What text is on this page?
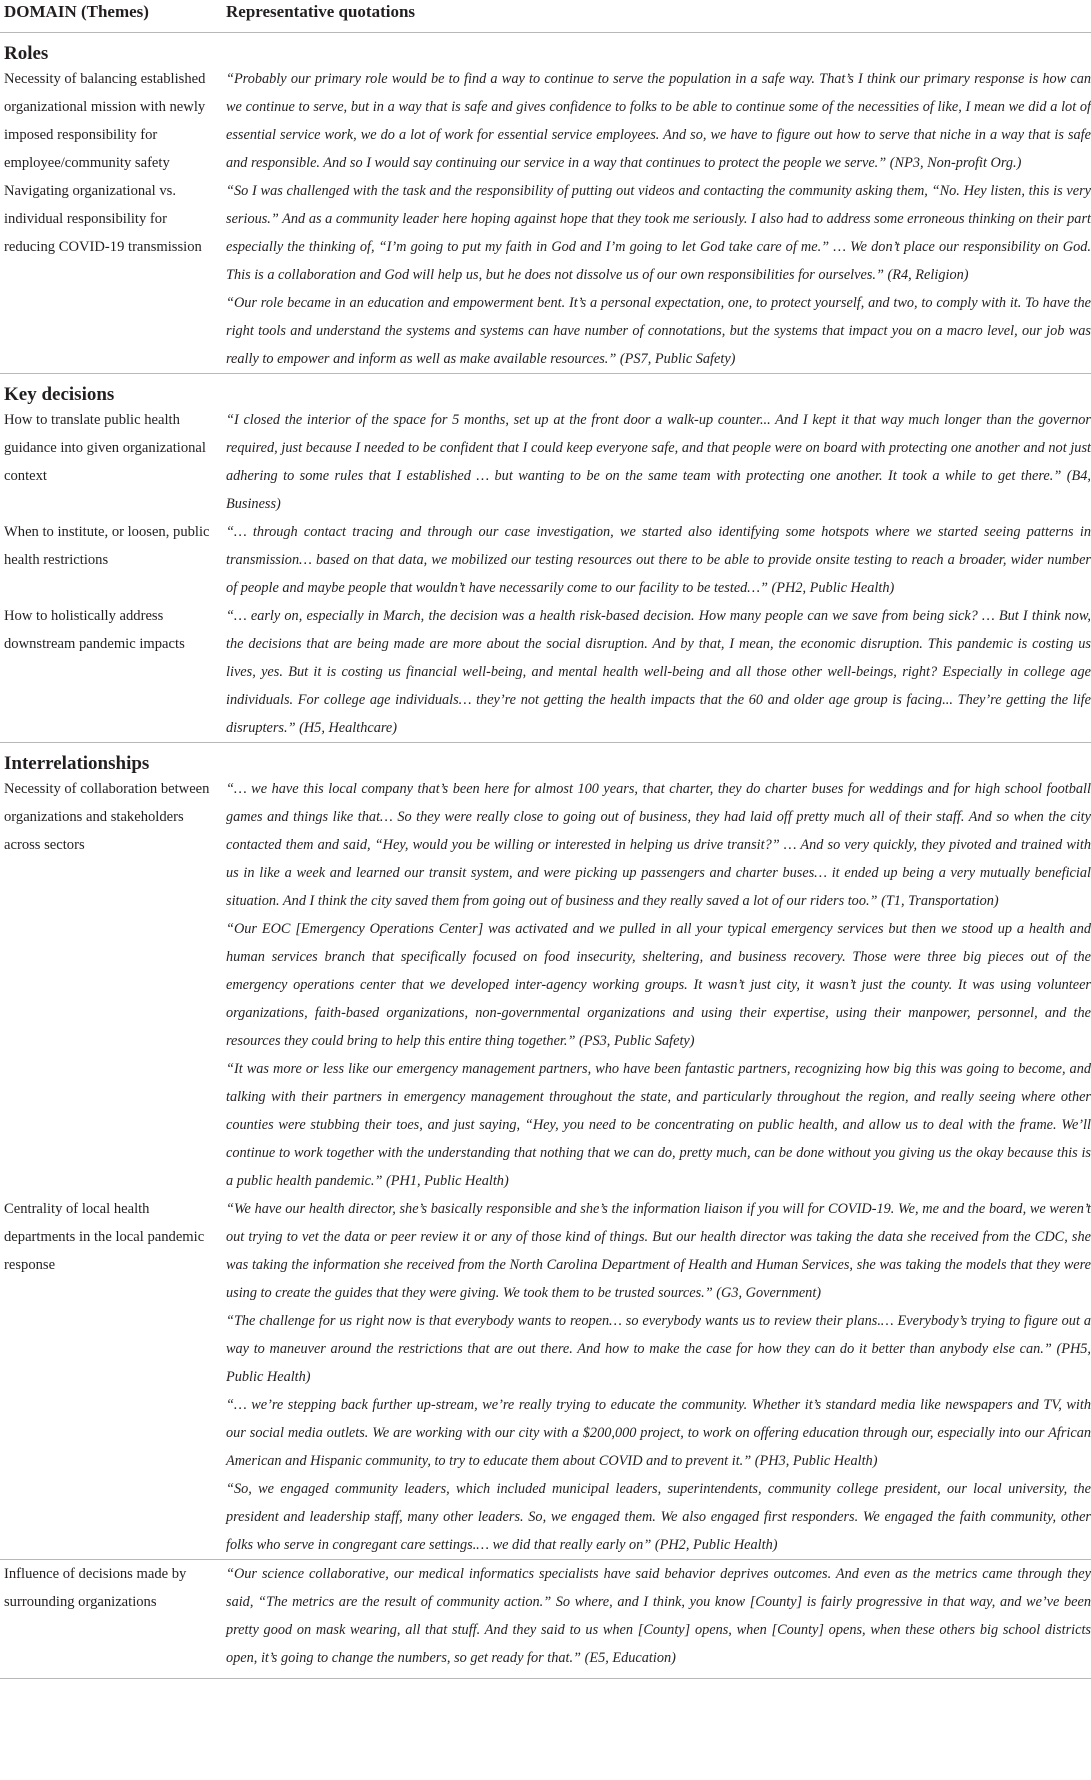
DOMAIN (Themes)	Representative quotations

Roles	

Necessity of balancing established organizational mission with newly imposed responsibility for employee/community safety	“Probably our primary role would be to find a way to continue to serve the population in a safe way. That’s I think our primary response is how can we continue to serve, but in a way that is safe and gives confidence to folks to be able to continue some of the necessities of like, I mean we did a lot of essential service work, we do a lot of work for essential service employees. And so, we have to figure out how to serve that niche in a way that is safe and responsible. And so I would say continuing our service in a way that continues to protect the people we serve.” (NP3, Non-profit Org.)

Navigating organizational vs. individual responsibility for reducing COVID-19 transmission	“So I was challenged with the task and the responsibility of putting out videos and contacting the community asking them, “No. Hey listen, this is very serious.” And as a community leader here hoping against hope that they took me seriously. I also had to address some erroneous thinking on their part especially the thinking of, “I’m going to put my faith in God and I’m going to let God take care of me.” … We don’t place our responsibility on God. This is a collaboration and God will help us, but he does not dissolve us of our own responsibilities for ourselves.” (R4, Religion)
“Our role became in an education and empowerment bent. It’s a personal expectation, one, to protect yourself, and two, to comply with it. To have the right tools and understand the systems and systems can have number of connotations, but the systems that impact you on a macro level, our job was really to empower and inform as well as make available resources.” (PS7, Public Safety)

Key decisions	

How to translate public health guidance into given organizational context	“I closed the interior of the space for 5 months, set up at the front door a walk-up counter... And I kept it that way much longer than the governor required, just because I needed to be confident that I could keep everyone safe, and that people were on board with protecting one another and not just adhering to some rules that I established … but wanting to be on the same team with protecting one another. It took a while to get there.” (B4, Business)

When to institute, or loosen, public health restrictions	“… through contact tracing and through our case investigation, we started also identifying some hotspots where we started seeing patterns in transmission… based on that data, we mobilized our testing resources out there to be able to provide onsite testing to reach a broader, wider number of people and maybe people that wouldn’t have necessarily come to our facility to be tested…” (PH2, Public Health)

How to holistically address downstream pandemic impacts	“… early on, especially in March, the decision was a health risk-based decision. How many people can we save from being sick? … But I think now, the decisions that are being made are more about the social disruption. And by that, I mean, the economic disruption. This pandemic is costing us lives, yes. But it is costing us financial well-being, and mental health well-being and all those other well-beings, right? Especially in college age individuals. For college age individuals… they’re not getting the health impacts that the 60 and older age group is facing... They’re getting the life disrupters.” (H5, Healthcare)

Interrelationships	

Necessity of collaboration between organizations and stakeholders across sectors	“… we have this local company that’s been here for almost 100 years, that charter, they do charter buses for weddings and for high school football games and things like that… So they were really close to going out of business, they had laid off pretty much all of their staff. And so when the city contacted them and said, “Hey, would you be willing or interested in helping us drive transit?” … And so very quickly, they pivoted and trained with us in like a week and learned our transit system, and were picking up passengers and charter buses… it ended up being a very mutually beneficial situation. And I think the city saved them from going out of business and they really saved a lot of our riders too.” (T1, Transportation)
“Our EOC [Emergency Operations Center] was activated and we pulled in all your typical emergency services but then we stood up a health and human services branch that specifically focused on food insecurity, sheltering, and business recovery. Those were three big pieces out of the emergency operations center that we developed inter-agency working groups. It wasn’t just city, it wasn’t just the county. It was using volunteer organizations, faith-based organizations, non-governmental organizations and using their expertise, using their manpower, personnel, and the resources they could bring to help this entire thing together.” (PS3, Public Safety)
“It was more or less like our emergency management partners, who have been fantastic partners, recognizing how big this was going to become, and talking with their partners in emergency management throughout the state, and particularly throughout the region, and really seeing where other counties were stubbing their toes, and just saying, “Hey, you need to be concentrating on public health, and allow us to deal with the frame. We’ll continue to work together with the understanding that nothing that we can do, pretty much, can be done without you giving us the okay because this is a public health pandemic.” (PH1, Public Health)

Centrality of local health departments in the local pandemic response	“We have our health director, she’s basically responsible and she’s the information liaison if you will for COVID-19. We, me and the board, we weren’t out trying to vet the data or peer review it or any of those kind of things. But our health director was taking the data she received from the CDC, she was taking the information she received from the North Carolina Department of Health and Human Services, she was taking the models that they were using to create the guides that they were giving. We took them to be trusted sources.” (G3, Government)
“The challenge for us right now is that everybody wants to reopen… so everybody wants us to review their plans.… Everybody’s trying to figure out a way to maneuver around the restrictions that are out there. And how to make the case for how they can do it better than anybody else can.” (PH5, Public Health)
“… we’re stepping back further up-stream, we’re really trying to educate the community. Whether it’s standard media like newspapers and TV, with our social media outlets. We are working with our city with a $200,000 project, to work on offering education through our, especially into our African American and Hispanic community, to try to educate them about COVID and to prevent it.” (PH3, Public Health)
“So, we engaged community leaders, which included municipal leaders, superintendents, community college president, our local university, the president and leadership staff, many other leaders. So, we engaged them. We also engaged first responders. We engaged the faith community, other folks who serve in congregant care settings.… we did that really early on” (PH2, Public Health)

Influence of decisions made by surrounding organizations	“Our science collaborative, our medical informatics specialists have said behavior deprives outcomes. And even as the metrics came through they said, “The metrics are the result of community action.” So where, and I think, you know [County] is fairly progressive in that way, and we’ve been pretty good on mask wearing, all that stuff. And they said to us when [County] opens, when [County] opens, when these others big school districts open, it’s going to change the numbers, so get ready for that.” (E5, Education)
